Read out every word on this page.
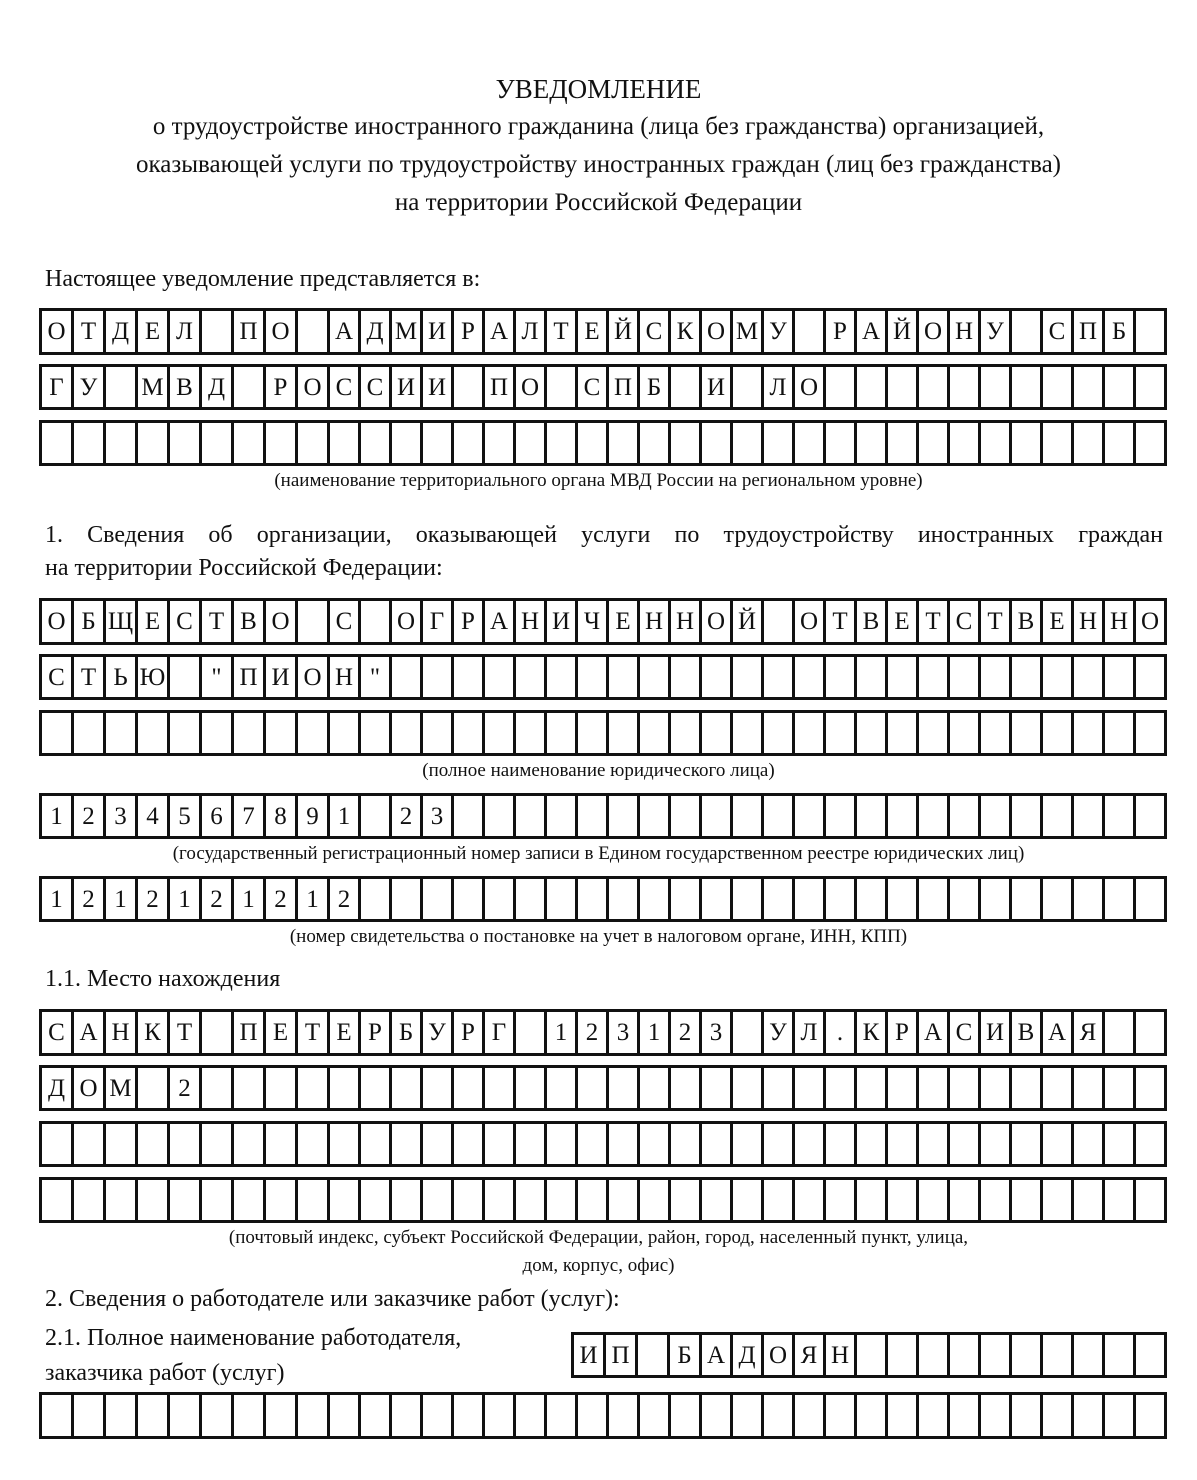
УВЕДОМЛЕНИЕ
о трудоустройстве иностранного гражданина (лица без гражданства) организацией,
оказывающей услуги по трудоустройству иностранных граждан (лиц без гражданства)
на территории Российской Федерации
Настоящее уведомление представляется в:
О Т Д Е Л	П О	А Д М И Р А Л Т Е Й С К О М У	Р А Й О Н У	С П Б
Г У	М В Д	Р О С С И И	П О	С П Б	И	Л О
(наименование территориального органа МВД России на региональном уровне)
1. Сведения об организации, оказывающей услуги по трудоустройству иностранных граждан
на территории Российской Федерации:
О Б Щ Е С Т В О	С	О Г Р А Н И Ч Е Н Н О Й	О Т В Е Т С Т В Е Н Н О
С Т Ь Ю	" П И О Н "
(полное наименование юридического лица)
1 2 3 4 5 6 7 8 9 1	2 3
(государственный регистрационный номер записи в Едином государственном реестре юридических лиц)
1 2 1 2 1 2 1 2 1 2
(номер свидетельства о постановке на учет в налоговом органе, ИНН, КПП)
1.1. Место нахождения
С А Н К Т	П Е Т Е Р Б У Р Г	1 2 3 1 2 3	У Л . К Р А С И В А Я
Д О М	2
(почтовый индекс, субъект Российской Федерации, район, город, населенный пункт, улица,
дом, корпус, офис)
2. Сведения о работодателе или заказчике работ (услуг):
2.1. Полное наименование работодателя,
заказчика работ (услуг)
И П	Б А Д О Я Н
